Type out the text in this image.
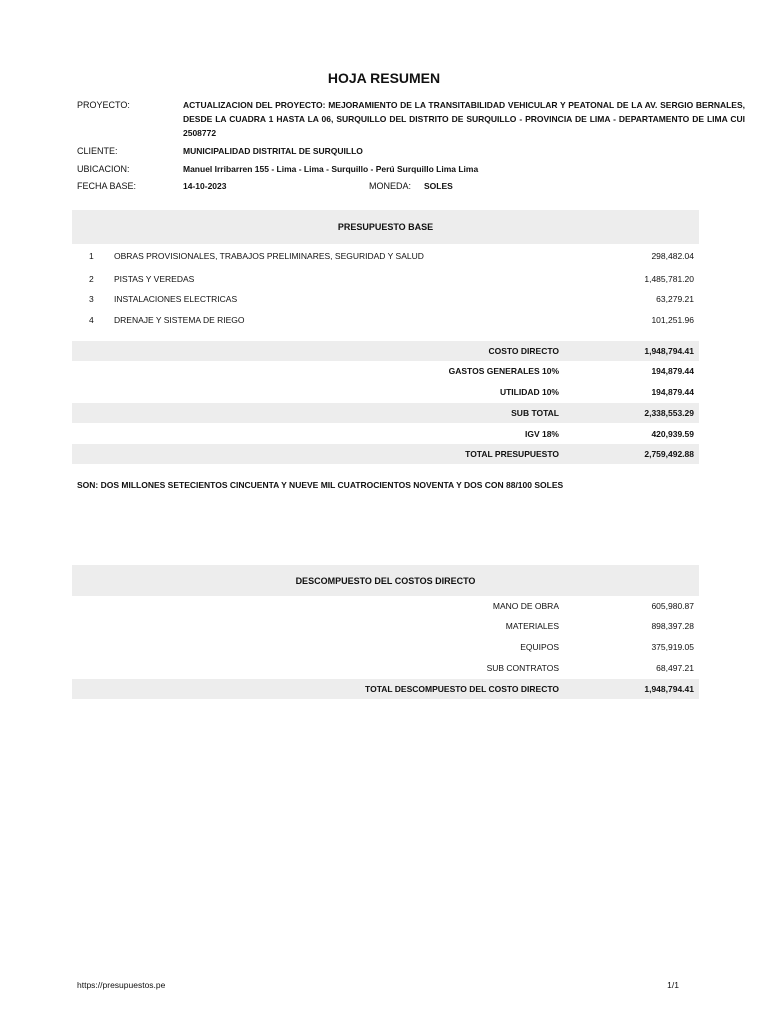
HOJA RESUMEN
PROYECTO:	ACTUALIZACION DEL PROYECTO: MEJORAMIENTO DE LA TRANSITABILIDAD VEHICULAR Y PEATONAL DE LA AV. SERGIO BERNALES, DESDE LA CUADRA 1 HASTA LA 06, SURQUILLO DEL DISTRITO DE SURQUILLO - PROVINCIA DE LIMA - DEPARTAMENTO DE LIMA CUI 2508772
CLIENTE:	MUNICIPALIDAD DISTRITAL DE SURQUILLO
UBICACION:	Manuel Irribarren 155 - Lima - Lima - Surquillo - Perú Surquillo Lima Lima
FECHA BASE:	14-10-2023	MONEDA: SOLES
PRESUPUESTO BASE
1 OBRAS PROVISIONALES, TRABAJOS PRELIMINARES, SEGURIDAD Y SALUD	298,482.04
2 PISTAS Y VEREDAS	1,485,781.20
3 INSTALACIONES ELECTRICAS	63,279.21
4 DRENAJE Y SISTEMA DE RIEGO	101,251.96
COSTO DIRECTO	1,948,794.41
GASTOS GENERALES 10%	194,879.44
UTILIDAD 10%	194,879.44
SUB TOTAL	2,338,553.29
IGV 18%	420,939.59
TOTAL PRESUPUESTO	2,759,492.88
SON: DOS MILLONES SETECIENTOS CINCUENTA Y NUEVE MIL CUATROCIENTOS NOVENTA Y DOS CON 88/100 SOLES
DESCOMPUESTO DEL COSTOS DIRECTO
MANO DE OBRA	605,980.87
MATERIALES	898,397.28
EQUIPOS	375,919.05
SUB CONTRATOS	68,497.21
TOTAL DESCOMPUESTO DEL COSTO DIRECTO	1,948,794.41
https://presupuestos.pe	1/1
